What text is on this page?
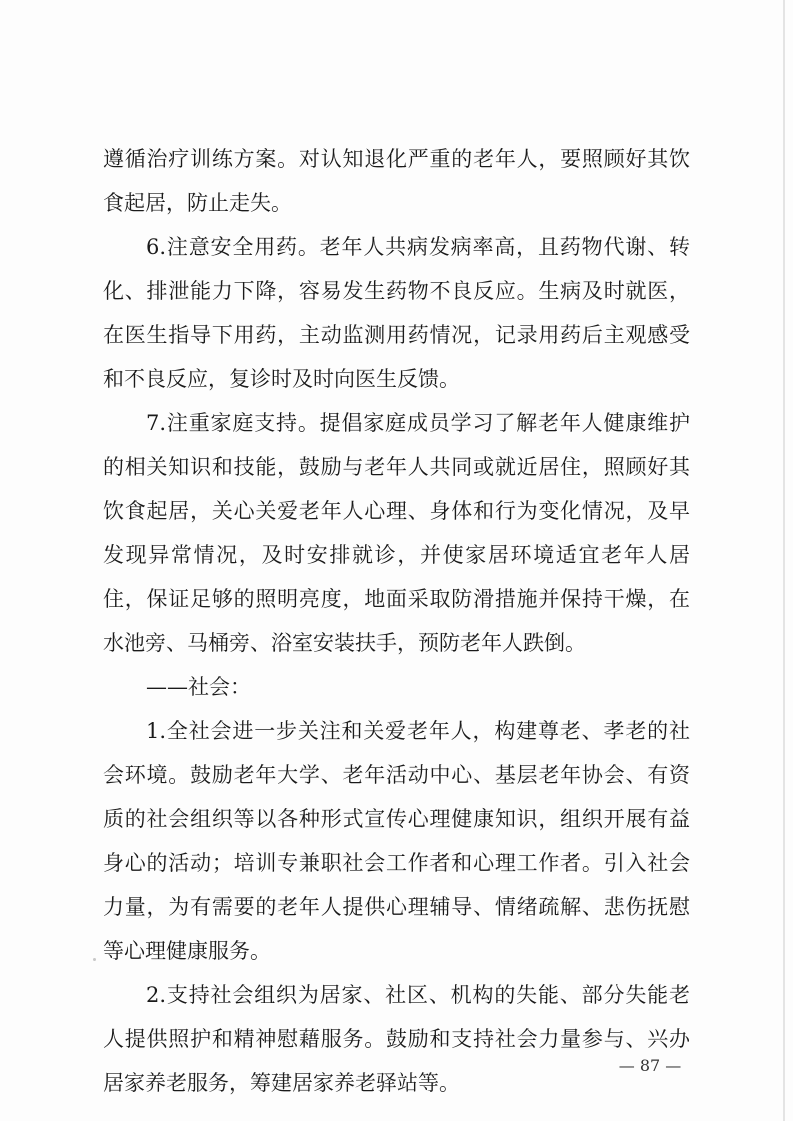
遵循治疗训练方案。对认知退化严重的老年人，要照顾好其饮
食起居，防止走失。
6.注意安全用药。老年人共病发病率高，且药物代谢、转
化、排泄能力下降，容易发生药物不良反应。生病及时就医，
在医生指导下用药，主动监测用药情况，记录用药后主观感受
和不良反应，复诊时及时向医生反馈。
7.注重家庭支持。提倡家庭成员学习了解老年人健康维护
的相关知识和技能，鼓励与老年人共同或就近居住，照顾好其
饮食起居，关心关爱老年人心理、身体和行为变化情况，及早
发现异常情况，及时安排就诊，并使家居环境适宜老年人居
住，保证足够的照明亮度，地面采取防滑措施并保持干燥，在
水池旁、马桶旁、浴室安装扶手，预防老年人跌倒。
——社会：
1.全社会进一步关注和关爱老年人，构建尊老、孝老的社
会环境。鼓励老年大学、老年活动中心、基层老年协会、有资
质的社会组织等以各种形式宣传心理健康知识，组织开展有益
身心的活动；培训专兼职社会工作者和心理工作者。引入社会
力量，为有需要的老年人提供心理辅导、情绪疏解、悲伤抚慰
等心理健康服务。
2.支持社会组织为居家、社区、机构的失能、部分失能老
人提供照护和精神慰藉服务。鼓励和支持社会力量参与、兴办
居家养老服务，筹建居家养老驿站等。
— 87 —
